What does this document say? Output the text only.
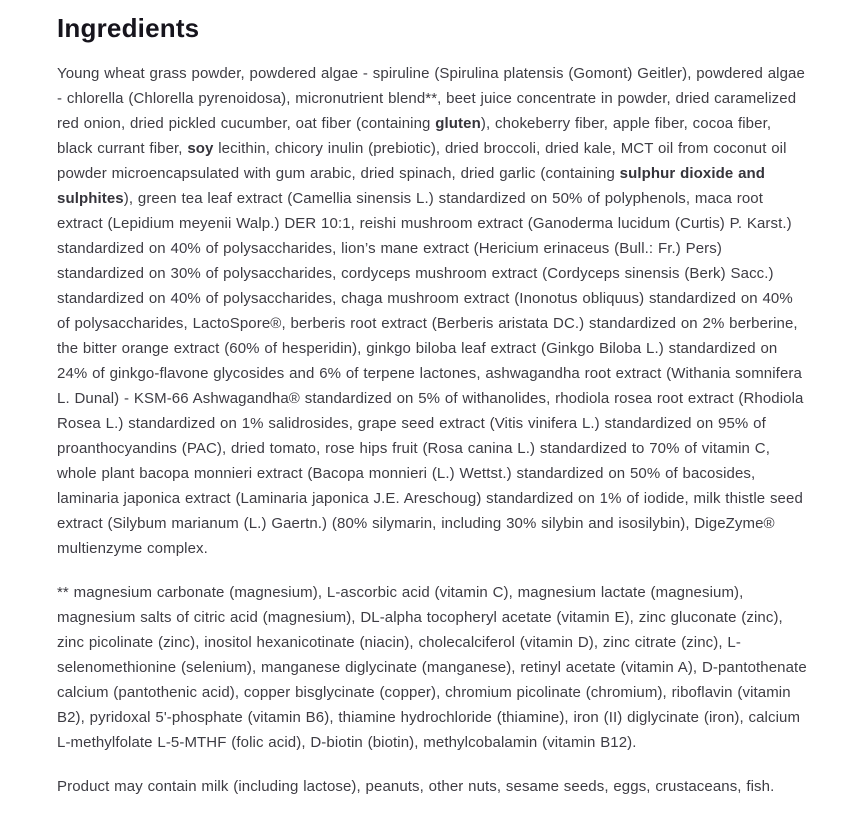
Ingredients

Young wheat grass powder, powdered algae - spiruline (Spirulina platensis (Gomont) Geitler), powdered algae - chlorella (Chlorella pyrenoidosa), micronutrient blend**, beet juice concentrate in powder, dried caramelized red onion, dried pickled cucumber, oat fiber (containing gluten), chokeberry fiber, apple fiber, cocoa fiber, black currant fiber, soy lecithin, chicory inulin (prebiotic), dried broccoli, dried kale, MCT oil from coconut oil powder microencapsulated with gum arabic, dried spinach, dried garlic (containing sulphur dioxide and sulphites), green tea leaf extract (Camellia sinensis L.) standardized on 50% of polyphenols, maca root extract (Lepidium meyenii Walp.) DER 10:1, reishi mushroom extract (Ganoderma lucidum (Curtis) P. Karst.) standardized on 40% of polysaccharides, lion’s mane extract (Hericium erinaceus (Bull.: Fr.) Pers) standardized on 30% of polysaccharides, cordyceps mushroom extract (Cordyceps sinensis (Berk) Sacc.) standardized on 40% of polysaccharides, chaga mushroom extract (Inonotus obliquus) standardized on 40% of polysaccharides, LactoSpore®, berberis root extract (Berberis aristata DC.) standardized on 2% berberine, the bitter orange extract (60% of hesperidin), ginkgo biloba leaf extract (Ginkgo Biloba L.) standardized on 24% of ginkgo-flavone glycosides and 6% of terpene lactones, ashwagandha root extract (Withania somnifera L. Dunal) - KSM-66 Ashwagandha® standardized on 5% of withanolides, rhodiola rosea root extract (Rhodiola Rosea L.) standardized on 1% salidrosides, grape seed extract (Vitis vinifera L.) standardized on 95% of proanthocyandins (PAC), dried tomato, rose hips fruit (Rosa canina L.) standardized to 70% of vitamin C, whole plant bacopa monnieri extract (Bacopa monnieri (L.) Wettst.) standardized on 50% of bacosides, laminaria japonica extract (Laminaria japonica J.E. Areschoug) standardized on 1% of iodide, milk thistle seed extract (Silybum marianum (L.) Gaertn.) (80% silymarin, including 30% silybin and isosilybin), DigeZyme® multienzyme complex.

** magnesium carbonate (magnesium), L-ascorbic acid (vitamin C), magnesium lactate (magnesium), magnesium salts of citric acid (magnesium), DL-alpha tocopheryl acetate (vitamin E), zinc gluconate (zinc), zinc picolinate (zinc), inositol hexanicotinate (niacin), cholecalciferol (vitamin D), zinc citrate (zinc), L-selenomethionine (selenium), manganese diglycinate (manganese), retinyl acetate (vitamin A), D-pantothenate calcium (pantothenic acid), copper bisglycinate (copper), chromium picolinate (chromium), riboflavin (vitamin B2), pyridoxal 5'-phosphate (vitamin B6), thiamine hydrochloride (thiamine), iron (II) diglycinate (iron), calcium L-methylfolate L-5-MTHF (folic acid), D-biotin (biotin), methylcobalamin (vitamin B12).

Product may contain milk (including lactose), peanuts, other nuts, sesame seeds, eggs, crustaceans, fish.
